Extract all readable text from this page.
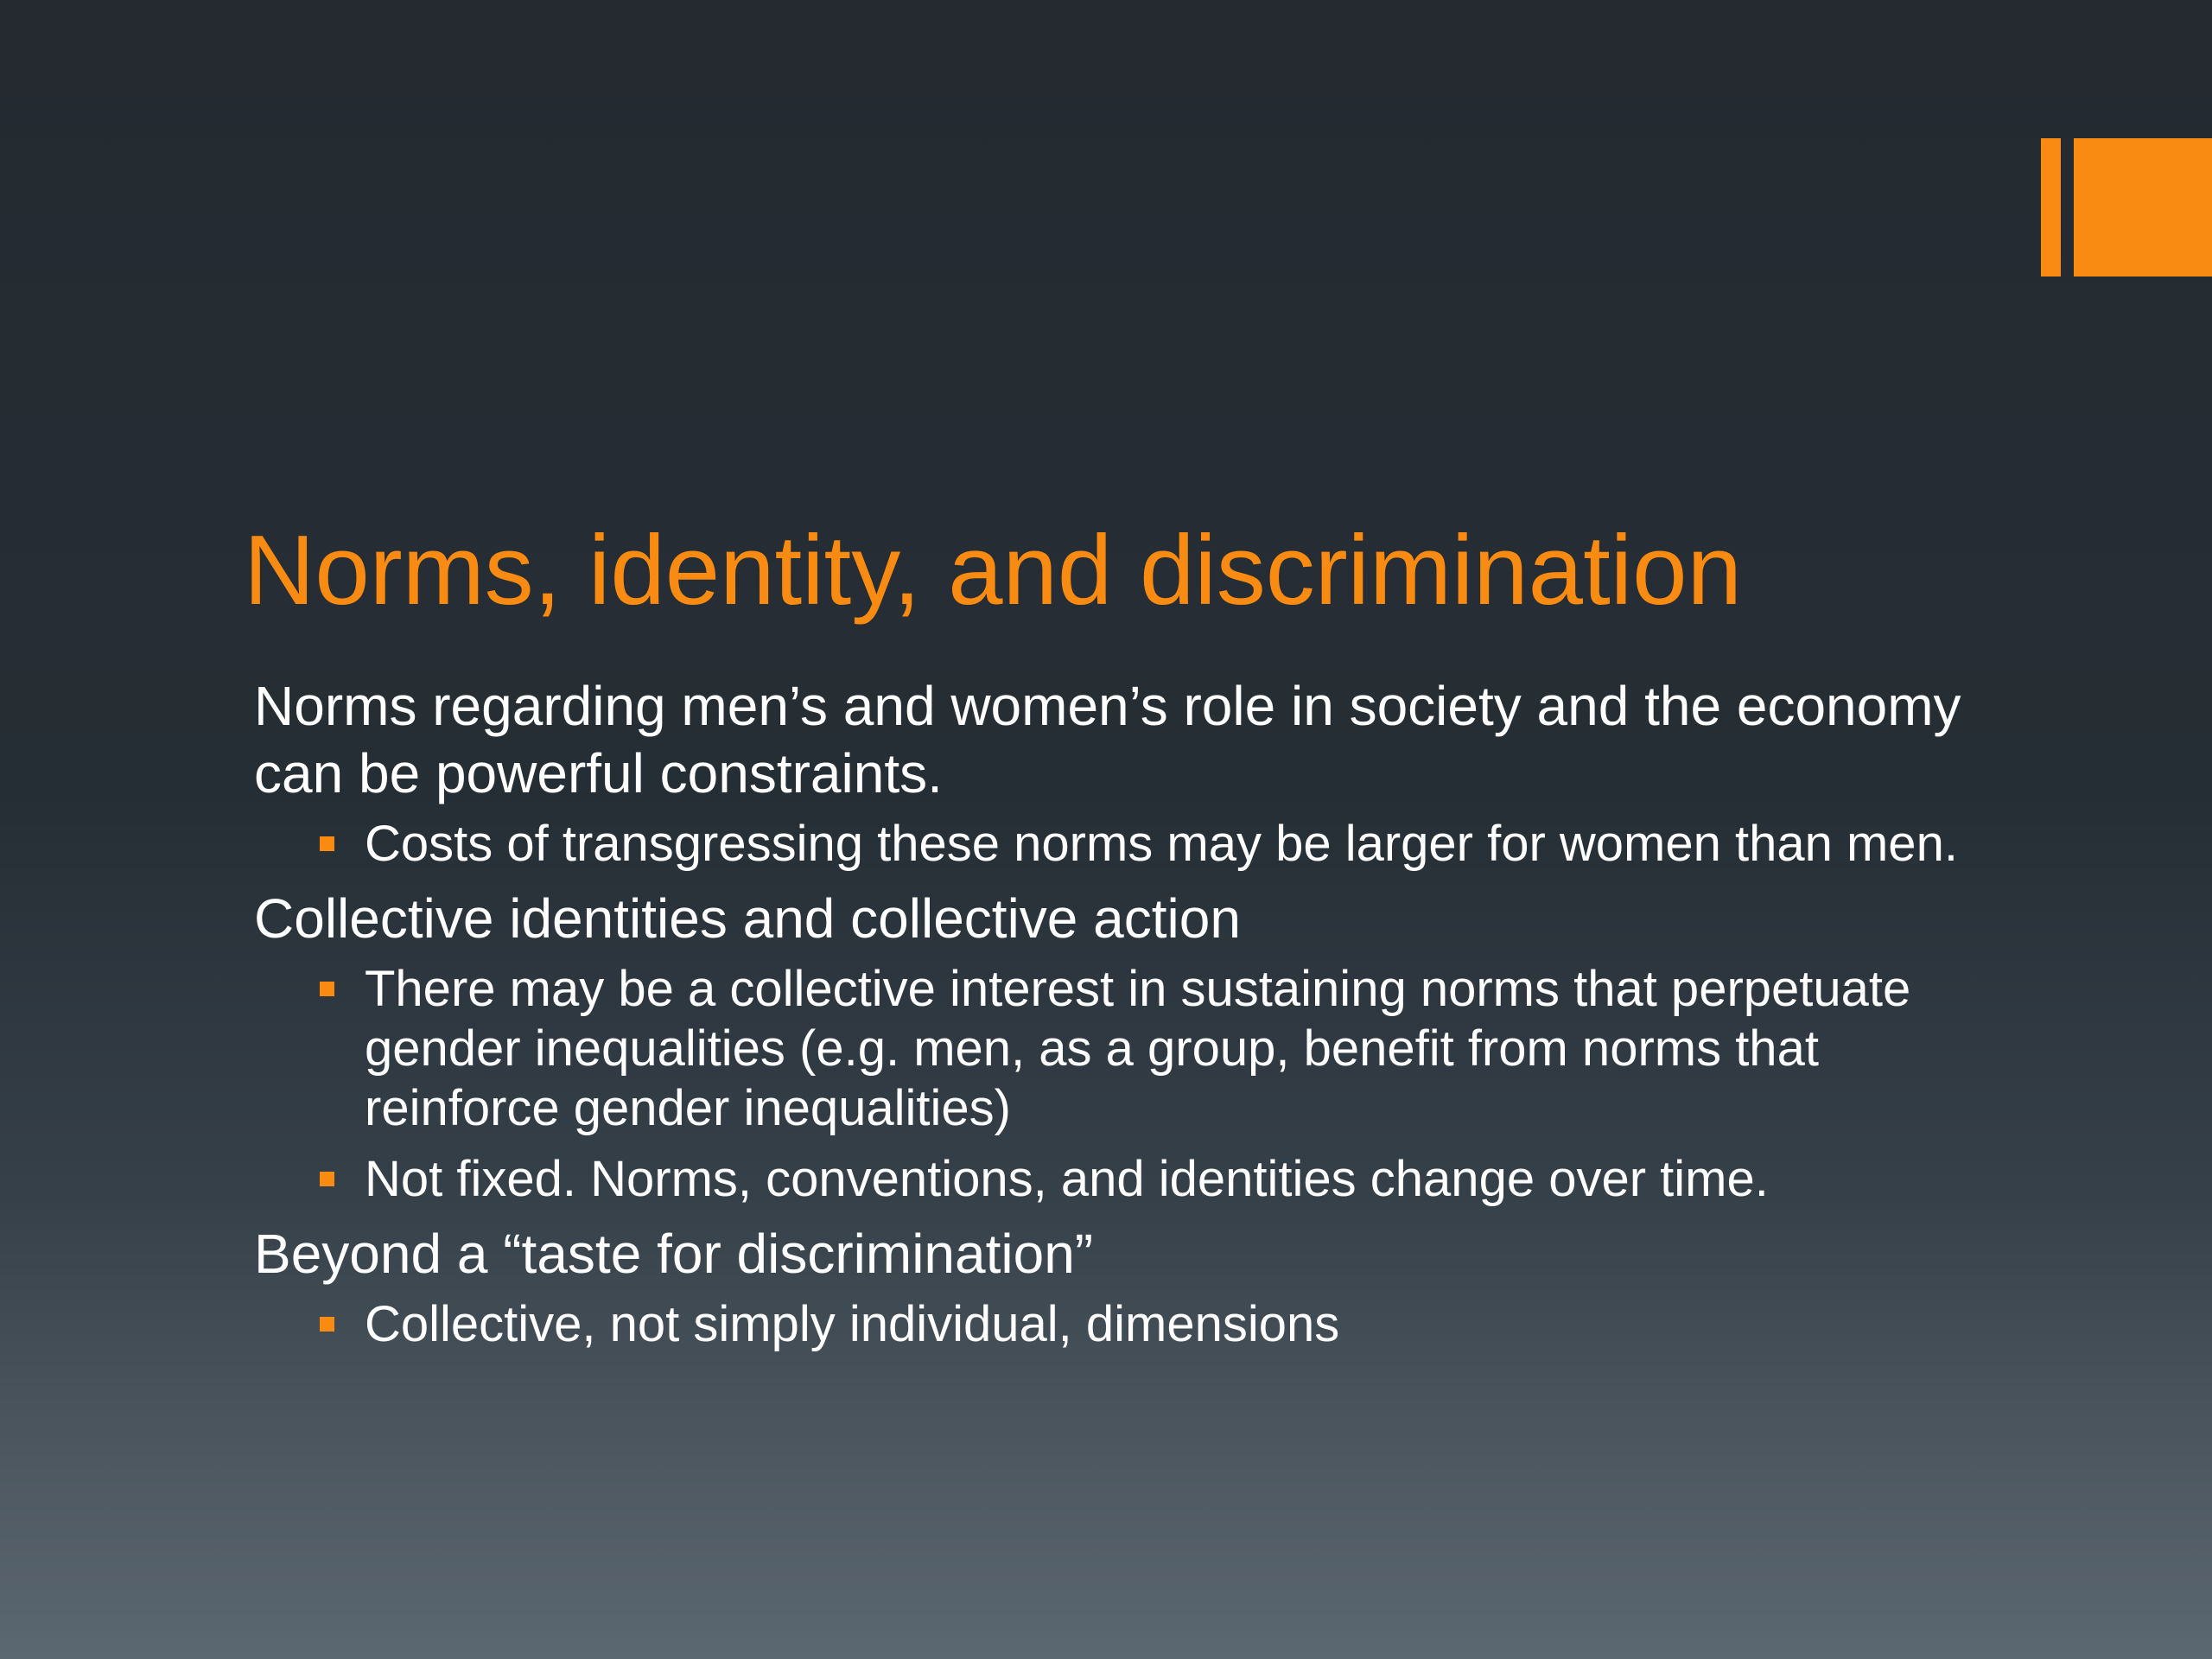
Norms, identity, and discrimination

Norms regarding men’s and women’s role in society and the economy can be powerful constraints.

Costs of transgressing these norms may be larger for women than men.

Collective identities and collective action

There may be a collective interest in sustaining norms that perpetuate gender inequalities (e.g. men, as a group, benefit from norms that reinforce gender inequalities)
Not fixed. Norms, conventions, and identities change over time.

Beyond a “taste for discrimination”

Collective, not simply individual, dimensions
